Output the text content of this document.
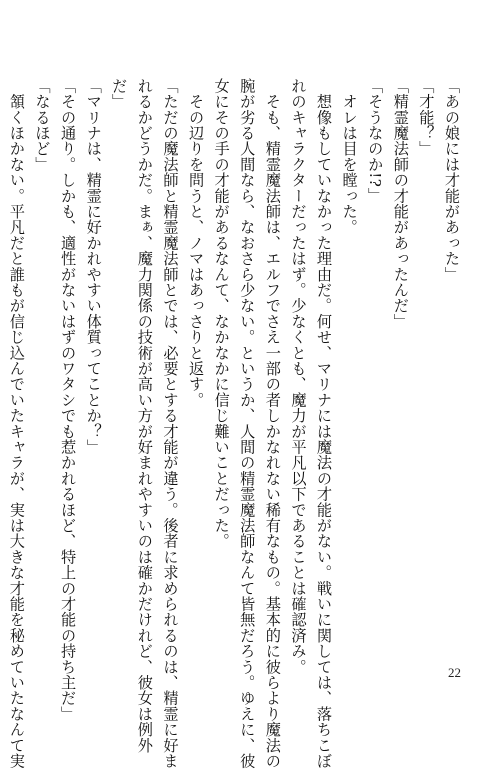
「あの娘には才能があった」
「才能？」
「精霊魔法師の才能があったんだ」
「そうなのか!?」
　オレは目を瞠った。
　想像もしていなかった理由だ。何せ、マリナには魔法の才能がない。戦いに関しては、落ちこぼ
れのキャラクターだったはず。少なくとも、魔力が平凡以下であることは確認済み。
　そも、精霊魔法師は、エルフでさえ一部の者しかなれない稀有なもの。基本的に彼らより魔法の
腕が劣る人間なら、なおさら少ない。というか、人間の精霊魔法師なんて皆無だろう。ゆえに、彼
女にその手の才能があるなんて、なかなかに信じ難いことだった。
　その辺りを問うと、ノマはあっさりと返す。
「ただの魔法師と精霊魔法師とでは、必要とする才能が違う。後者に求められるのは、精霊に好ま
れるかどうかだ。まぁ、魔力関係の技術が高い方が好まれやすいのは確かだけれど、彼女は例外
だ」
「マリナは、精霊に好かれやすい体質ってことか？」
「その通り。しかも、適性がないはずのワタシでも惹かれるほど、特上の才能の持ち主だ」
「なるほど」
　頷くほかない。平凡だと誰もが信じ込んでいたキャラが、実は大きな才能を秘めていたなんて実	22
